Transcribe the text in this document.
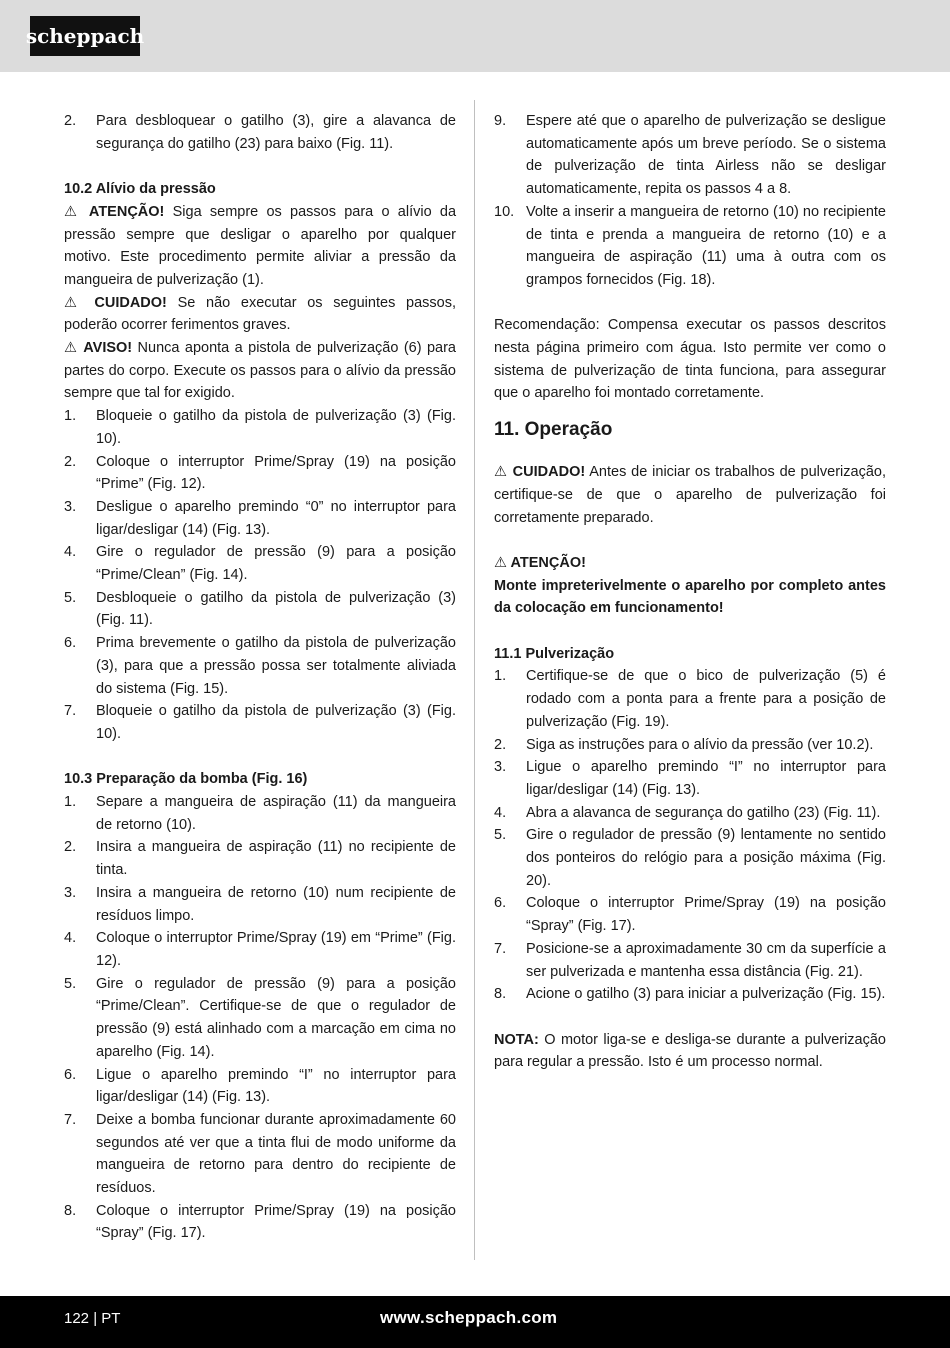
scheppach
2.	Para desbloquear o gatilho (3), gire a alavanca de segurança do gatilho (23) para baixo (Fig. 11).

10.2 Alívio da pressão

⚠ ATENÇÃO! Siga sempre os passos para o alívio da pressão sempre que desligar o aparelho por qualquer motivo. Este procedimento permite aliviar a pressão da mangueira de pulverização (1).

⚠ CUIDADO! Se não executar os seguintes passos, poderão ocorrer ferimentos graves.

⚠ AVISO! Nunca aponta a pistola de pulverização (6) para partes do corpo. Execute os passos para o alívio da pressão sempre que tal for exigido.

1.	Bloqueie o gatilho da pistola de pulverização (3) (Fig. 10).
2.	Coloque o interruptor Prime/Spray (19) na posição “Prime” (Fig. 12).
3.	Desligue o aparelho premindo “0” no interruptor para ligar/desligar (14) (Fig. 13).
4.	Gire o regulador de pressão (9) para a posição “Prime/Clean” (Fig. 14).
5.	Desbloqueie o gatilho da pistola de pulverização (3) (Fig. 11).
6.	Prima brevemente o gatilho da pistola de pulverização (3), para que a pressão possa ser totalmente aliviada do sistema (Fig. 15).
7.	Bloqueie o gatilho da pistola de pulverização (3) (Fig. 10).

10.3 Preparação da bomba (Fig. 16)

1.	Separe a mangueira de aspiração (11) da mangueira de retorno (10).
2.	Insira a mangueira de aspiração (11) no recipiente de tinta.
3.	Insira a mangueira de retorno (10) num recipiente de resíduos limpo.
4.	Coloque o interruptor Prime/Spray (19) em “Prime” (Fig. 12).
5.	Gire o regulador de pressão (9) para a posição “Prime/Clean”. Certifique-se de que o regulador de pressão (9) está alinhado com a marcação em cima no aparelho (Fig. 14).
6.	Ligue o aparelho premindo “I” no interruptor para ligar/desligar (14) (Fig. 13).
7.	Deixe a bomba funcionar durante aproximadamente 60 segundos até ver que a tinta flui de modo uniforme da mangueira de retorno para dentro do recipiente de resíduos.
8.	Coloque o interruptor Prime/Spray (19) na posição “Spray” (Fig. 17).
9.	Espere até que o aparelho de pulverização se desligue automaticamente após um breve período. Se o sistema de pulverização de tinta Airless não se desligar automaticamente, repita os passos 4 a 8.
10. Volte a inserir a mangueira de retorno (10) no recipiente de tinta e prenda a mangueira de retorno (10) e a mangueira de aspiração (11) uma à outra com os grampos fornecidos (Fig. 18).

Recomendação: Compensa executar os passos descritos nesta página primeiro com água. Isto permite ver como o sistema de pulverização de tinta funciona, para assegurar que o aparelho foi montado corretamente.

11. Operação

⚠ CUIDADO! Antes de iniciar os trabalhos de pulverização, certifique-se de que o aparelho de pulverização foi corretamente preparado.

⚠ ATENÇÃO!

Monte impreterivelmente o aparelho por completo antes da colocação em funcionamento!

11.1 Pulverização

1.	Certifique-se de que o bico de pulverização (5) é rodado com a ponta para a frente para a posição de pulverização (Fig. 19).
2.	Siga as instruções para o alívio da pressão (ver 10.2).
3.	Ligue o aparelho premindo “I” no interruptor para ligar/desligar (14) (Fig. 13).
4.	Abra a alavanca de segurança do gatilho (23) (Fig. 11).
5.	Gire o regulador de pressão (9) lentamente no sentido dos ponteiros do relógio para a posição máxima (Fig. 20).
6.	Coloque o interruptor Prime/Spray (19) na posição “Spray” (Fig. 17).
7.	Posicione-se a aproximadamente 30 cm da superfície a ser pulverizada e mantenha essa distância (Fig. 21).
8.	Acione o gatilho (3) para iniciar a pulverização (Fig. 15).

NOTA: O motor liga-se e desliga-se durante a pulverização para regular a pressão. Isto é um processo normal.

122 | PT	www.scheppach.com
